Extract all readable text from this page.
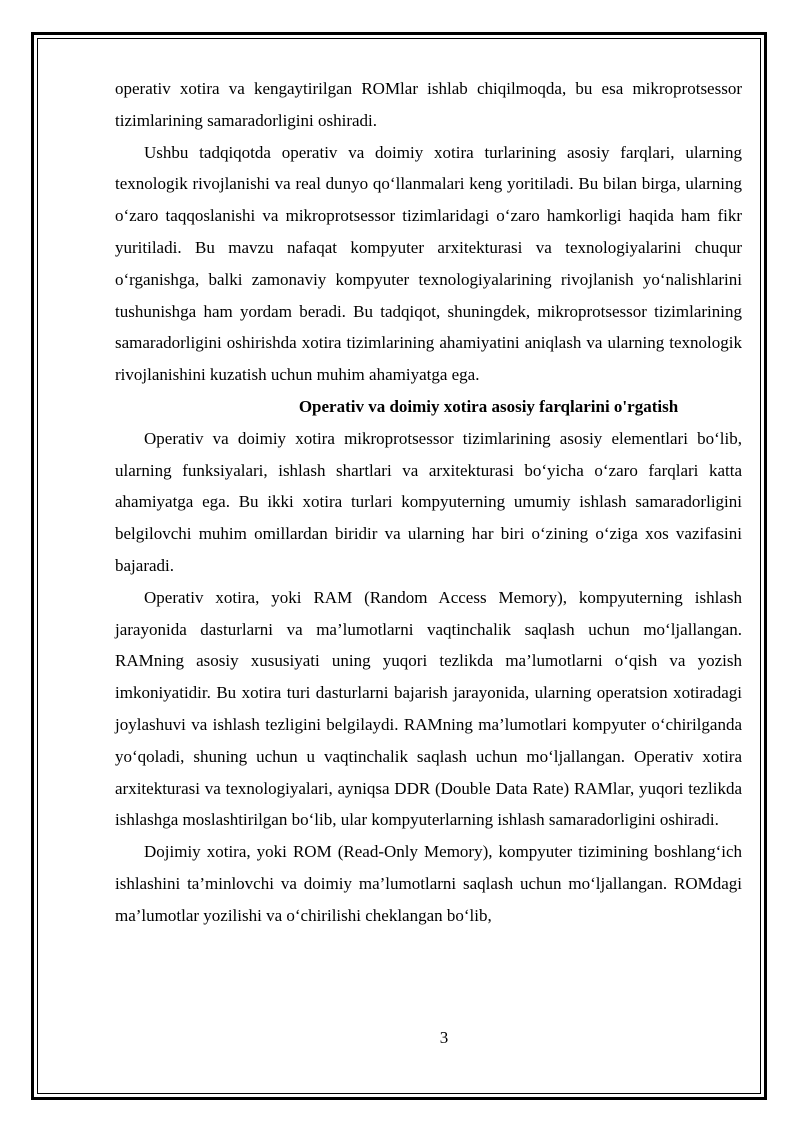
operativ xotira va kengaytirilgan ROMlar ishlab chiqilmoqda, bu esa mikroprotsessor tizimlarining samaradorligini oshiradi.

Ushbu tadqiqotda operativ va doimiy xotira turlarining asosiy farqlari, ularning texnologik rivojlanishi va real dunyo qo‘llanmalari keng yoritiladi. Bu bilan birga, ularning o‘zaro taqqoslanishi va mikroprotsessor tizimlaridagi o‘zaro hamkorligi haqida ham fikr yuritiladi. Bu mavzu nafaqat kompyuter arxitekturasi va texnologiyalarini chuqur o‘rganishga, balki zamonaviy kompyuter texnologiyalarining rivojlanish yo‘nalishlarini tushunishga ham yordam beradi. Bu tadqiqot, shuningdek, mikroprotsessor tizimlarining samaradorligini oshirishda xotira tizimlarining ahamiyatini aniqlash va ularning texnologik rivojlanishini kuzatish uchun muhim ahamiyatga ega.

Operativ va doimiy xotira asosiy farqlarini o'rgatish

Operativ va doimiy xotira mikroprotsessor tizimlarining asosiy elementlari bo‘lib, ularning funksiyalari, ishlash shartlari va arxitekturasi bo‘yicha o‘zaro farqlari katta ahamiyatga ega. Bu ikki xotira turlari kompyuterning umumiy ishlash samaradorligini belgilovchi muhim omillardan biridir va ularning har biri o‘zining o‘ziga xos vazifasini bajaradi.

Operativ xotira, yoki RAM (Random Access Memory), kompyuterning ishlash jarayonida dasturlarni va ma’lumotlarni vaqtinchalik saqlash uchun mo‘ljallangan. RAMning asosiy xususiyati uning yuqori tezlikda ma’lumotlarni o‘qish va yozish imkoniyatidir. Bu xotira turi dasturlarni bajarish jarayonida, ularning operatsion xotiradagi joylashuvi va ishlash tezligini belgilaydi. RAMning ma’lumotlari kompyuter o‘chirilganda yo‘qoladi, shuning uchun u vaqtinchalik saqlash uchun mo‘ljallangan. Operativ xotira arxitekturasi va texnologiyalari, ayniqsa DDR (Double Data Rate) RAMlar, yuqori tezlikda ishlashga moslashtirilgan bo‘lib, ular kompyuterlarning ishlash samaradorligini oshiradi.

Dojimiy xotira, yoki ROM (Read-Only Memory), kompyuter tizimining boshlang‘ich ishlashini ta’minlovchi va doimiy ma’lumotlarni saqlash uchun mo‘ljallangan. ROMdagi ma’lumotlar yozilishi va o‘chirilishi cheklangan bo‘lib,

3
